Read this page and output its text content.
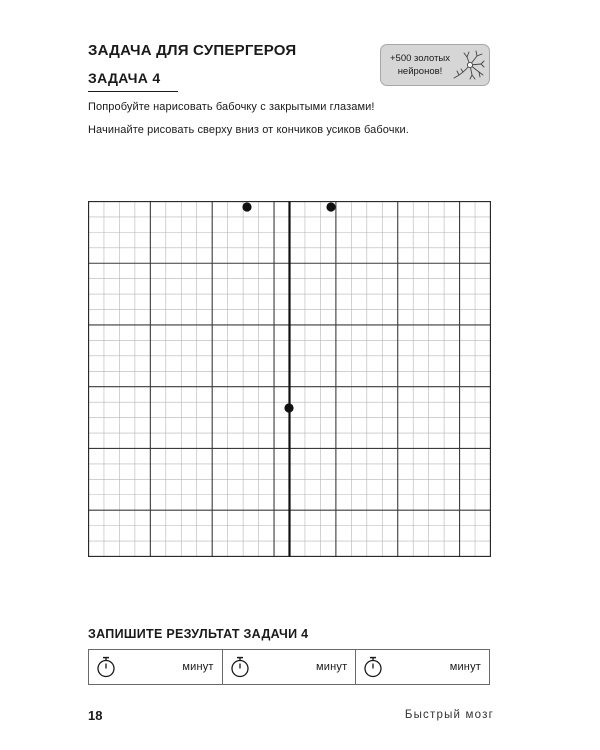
ЗАДАЧА ДЛЯ СУПЕРГЕРОЯ
ЗАДАЧА 4
+500 золотых
нейронов!

Попробуйте нарисовать бабочку с закрытыми глазами!

Начинайте рисовать сверху вниз от кончиков усиков бабочки.

ЗАПИШИТЕ РЕЗУЛЬТАТ ЗАДАЧИ 4
минут	минут	минут
18	Быстрый мозг
